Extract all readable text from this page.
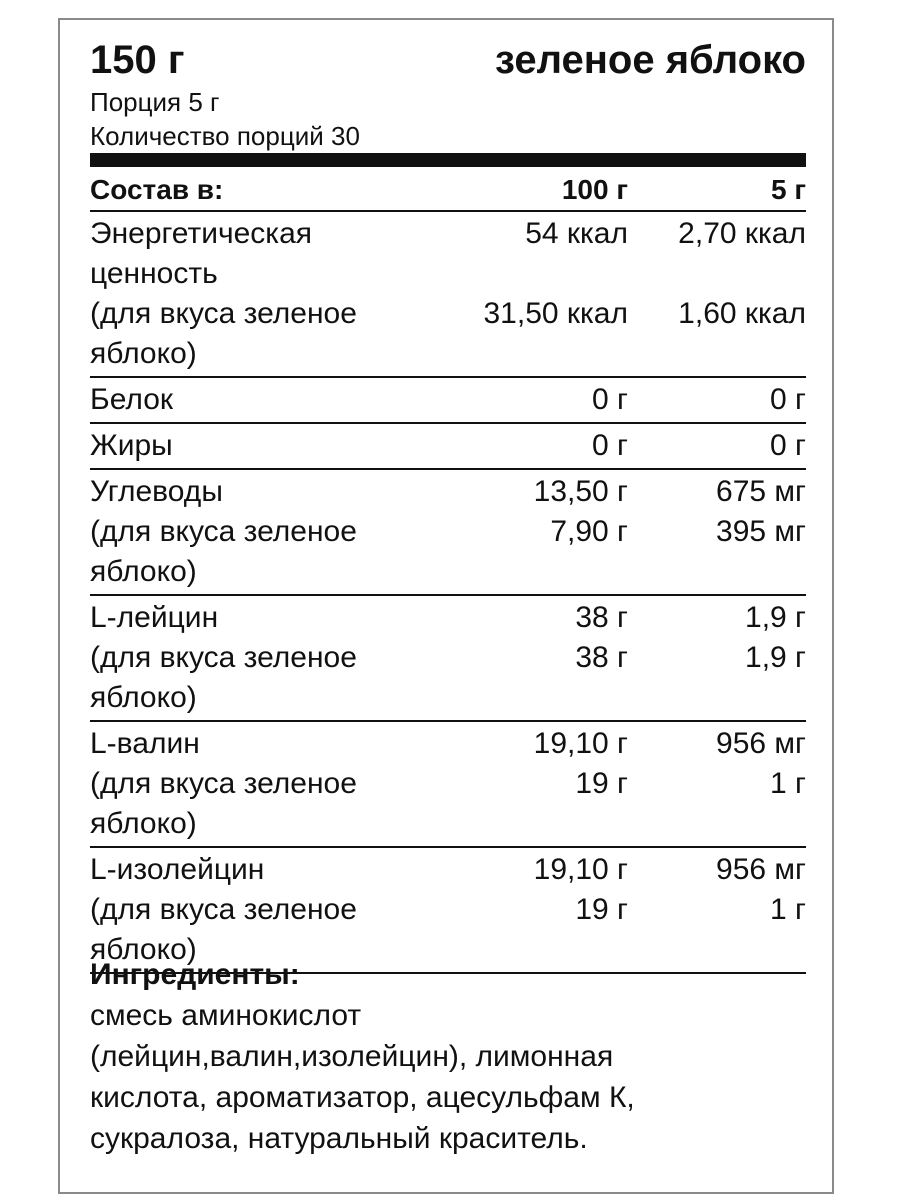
150 г	зеленое яблоко
Порция 5 г
Количество порций 30
Состав в:	100 г	5 г
Энергетическая	54 ккал 2,70 ккал
ценность
(для вкуса зеленое	31,50 ккал 1,60 ккал
яблоко)
Белок	0 г	0 г
Жиры	0 г	0 г
Углеводы	13,50 г	675 мг
(для вкуса зеленое	7,90 г	395 мг
яблоко)
L-лейцин	38 г	1,9 г
(для вкуса зеленое	38 г	1,9 г
яблоко)
L-валин	19,10 г	956 мг
(для вкуса зеленое	19 г	1 г
яблоко)
L-изолейцин	19,10 г	956 мг
(для вкуса зеленое	19 г	1 г
яблоко)
Ингредиенты:
смесь аминокислот
(лейцин,валин,изолейцин), лимонная
кислота, ароматизатор, ацесульфам К,
сукралоза, натуральный краситель.
